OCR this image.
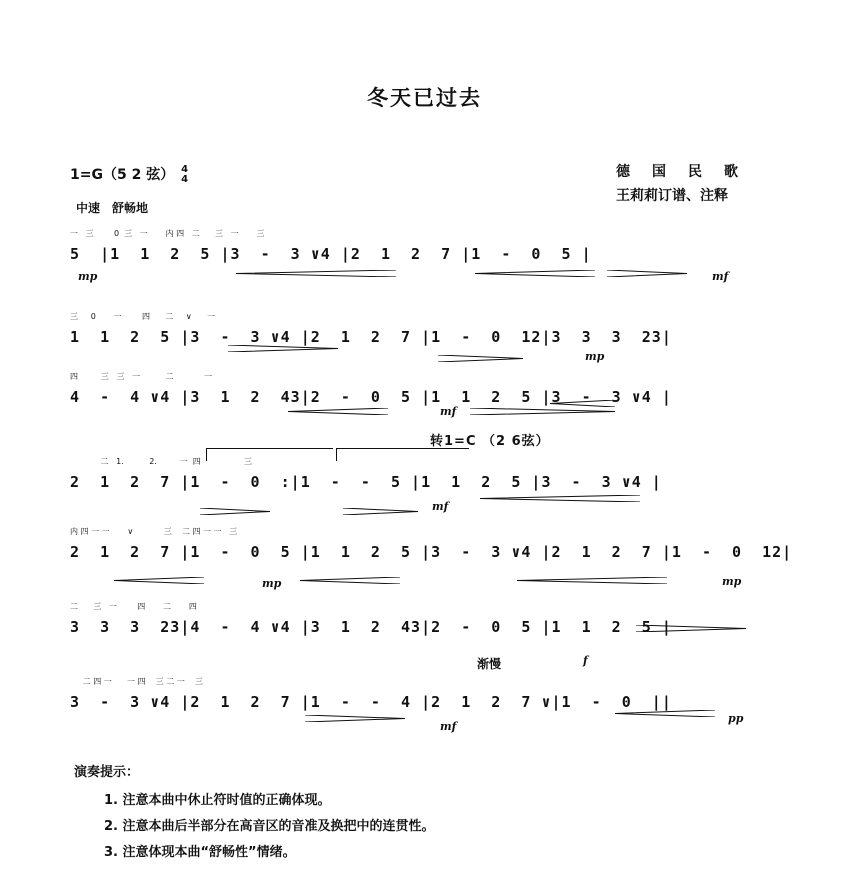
冬天已过去
1=G（5 2 弦） 4
4	德国民歌
王莉莉订谱、注释
中速　舒畅地
转1=C （2 6弦）
渐慢
演奏提示：
1. 注意本曲中休止符时值的正确体现。
2. 注意本曲后半部分在高音区的音准及换把中的连贯性。
3. 注意体现本曲“舒畅性”情绪。
一   三        0  三   一       内 四   二      三   一       三
5  |1  1  2  5 |3  -  3 ∨4 |2  1  2  7 |1  -  0  5 |
mp	mf
三     0       一        四      二     ∨      一
1  1  2  5 |3  -  3 ∨4 |2  1  2  7 |1  -  0  12|3  3  3  23|
mp
四         三   三   一          二            一
4  -  4 ∨4 |3  1  2  43|2  -  0  5 |1  1  2  5 |3  -  3 ∨4 |
mf
二   1.          2.         一  四                 三
2  1  2  7 |1  -  0  :|1  -  -  5 |1  1  2  5 |3  -  3 ∨4 |
mf
内 四 一 一       ∨            三    二 四 一 一   三
2  1  2  7 |1  -  0  5 |1  1  2  5 |3  -  3 ∨4 |2  1  2  7 |1  -  0  12|
mp	mp
二      三   一        四       二       四
3  3  3  23|4  -  4 ∨4 |3  1  2  43|2  -  0  5 |1  1  2  5 |
f
二 四 一      一 四    三 二 一    三
3  -  3 ∨4 |2  1  2  7 |1  -  -  4 |2  1  2  7 ∨|1  -  0  ||
mf
pp
